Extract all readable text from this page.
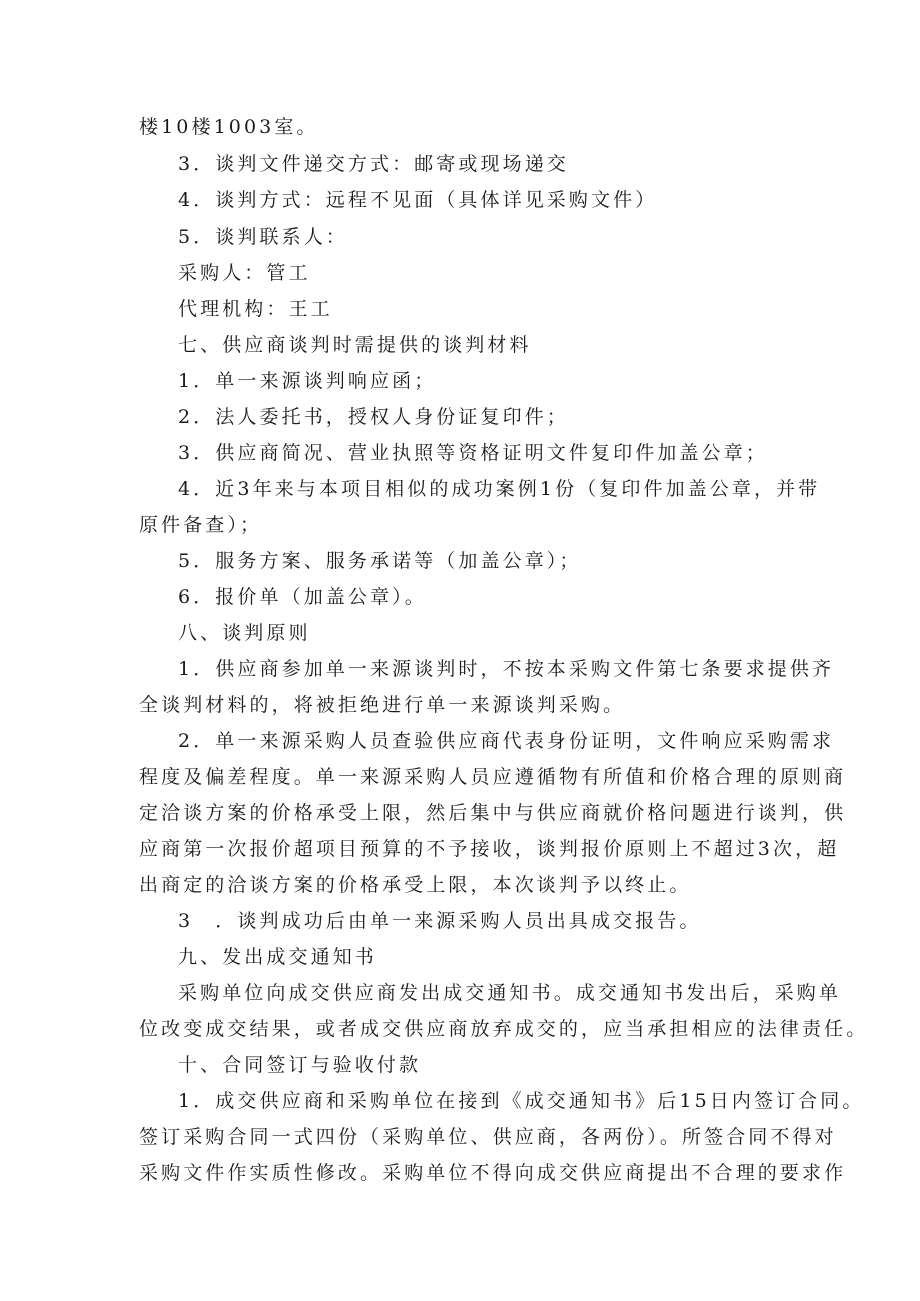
楼10楼1003室。
3．谈判文件递交方式：邮寄或现场递交
4．谈判方式：远程不见面（具体详见采购文件）
5．谈判联系人：
采购人：管工
代理机构：王工
七、供应商谈判时需提供的谈判材料
1．单一来源谈判响应函；
2．法人委托书，授权人身份证复印件；
3．供应商简况、营业执照等资格证明文件复印件加盖公章；
4．近3年来与本项目相似的成功案例1份（复印件加盖公章，并带
原件备查）；
5．服务方案、服务承诺等（加盖公章）；
6．报价单（加盖公章）。
八、谈判原则
1．供应商参加单一来源谈判时，不按本采购文件第七条要求提供齐
全谈判材料的，将被拒绝进行单一来源谈判采购。
2．单一来源采购人员查验供应商代表身份证明，文件响应采购需求
程度及偏差程度。单一来源采购人员应遵循物有所值和价格合理的原则商
定洽谈方案的价格承受上限，然后集中与供应商就价格问题进行谈判，供
应商第一次报价超项目预算的不予接收，谈判报价原则上不超过3次，超
出商定的洽谈方案的价格承受上限，本次谈判予以终止。
3　．谈判成功后由单一来源采购人员出具成交报告。
九、发出成交通知书
采购单位向成交供应商发出成交通知书。成交通知书发出后，采购单
位改变成交结果，或者成交供应商放弃成交的，应当承担相应的法律责任。
十、合同签订与验收付款
1．成交供应商和采购单位在接到《成交通知书》后15日内签订合同。
签订采购合同一式四份（采购单位、供应商，各两份）。所签合同不得对
采购文件作实质性修改。采购单位不得向成交供应商提出不合理的要求作
